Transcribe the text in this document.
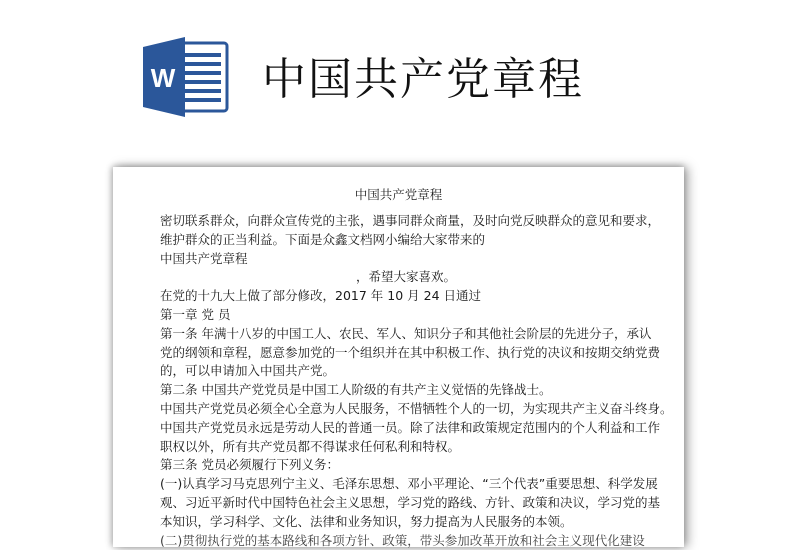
W 中国共产党章程
中国共产党章程
密切联系群众，向群众宣传党的主张，遇事同群众商量，及时向党反映群众的意见和要求，
维护群众的正当利益。下面是众鑫文档网小编给大家带来的
中国共产党章程
，希望大家喜欢。
在党的十九大上做了部分修改，2017 年 10 月 24 日通过
第一章 党 员
第一条 年满十八岁的中国工人、农民、军人、知识分子和其他社会阶层的先进分子，承认
党的纲领和章程，愿意参加党的一个组织并在其中积极工作、执行党的决议和按期交纳党费
的，可以申请加入中国共产党。
第二条 中国共产党党员是中国工人阶级的有共产主义觉悟的先锋战士。
中国共产党党员必须全心全意为人民服务，不惜牺牲个人的一切，为实现共产主义奋斗终身。
中国共产党党员永远是劳动人民的普通一员。除了法律和政策规定范围内的个人利益和工作
职权以外，所有共产党员都不得谋求任何私利和特权。
第三条 党员必须履行下列义务：
(一)认真学习马克思列宁主义、毛泽东思想、邓小平理论、“三个代表”重要思想、科学发展
观、习近平新时代中国特色社会主义思想，学习党的路线、方针、政策和决议，学习党的基
本知识，学习科学、文化、法律和业务知识，努力提高为人民服务的本领。
(二)贯彻执行党的基本路线和各项方针、政策，带头参加改革开放和社会主义现代化建设
